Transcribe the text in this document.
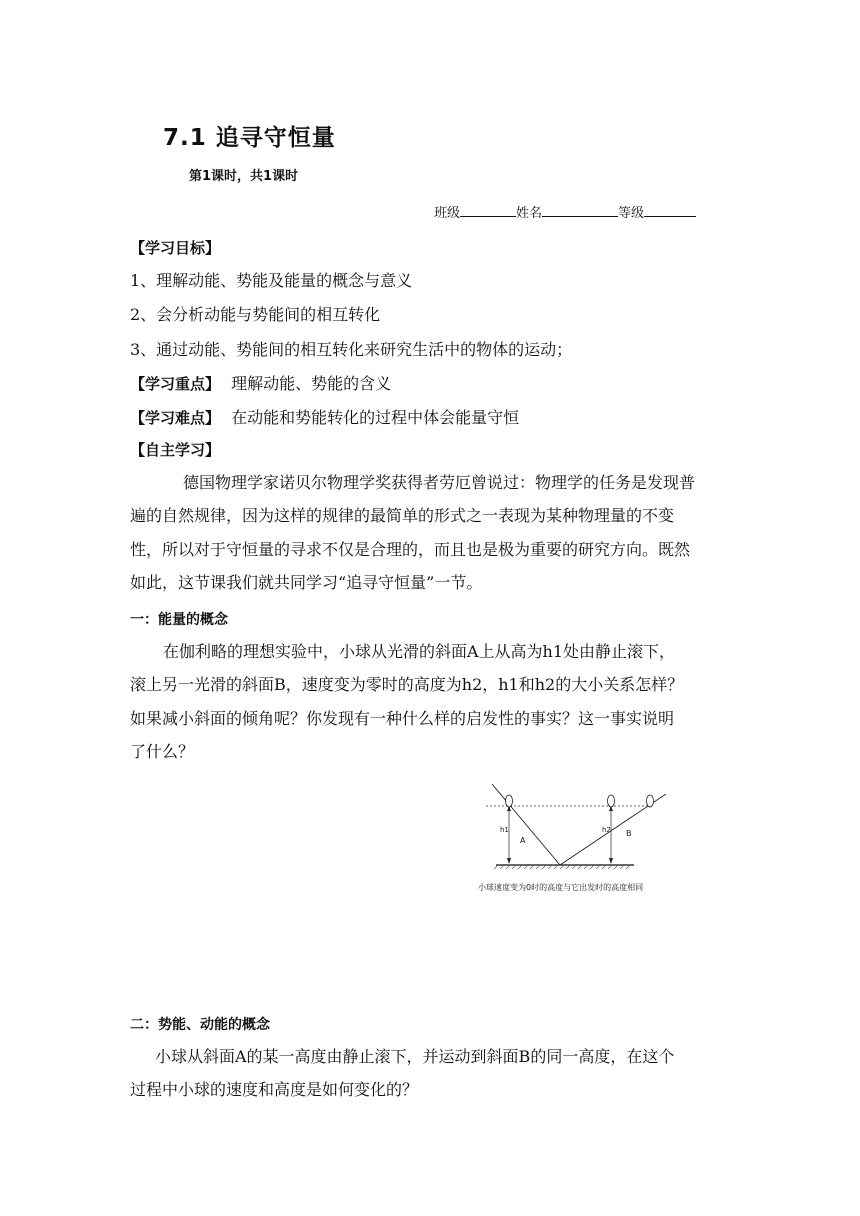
7.1 追寻守恒量
第1课时，共1课时
班级	姓名	等级
【学习目标】
1、理解动能、势能及能量的概念与意义
2、会分析动能与势能间的相互转化
3、通过动能、势能间的相互转化来研究生活中的物体的运动；
【学习重点】 理解动能、势能的含义
【学习难点】 在动能和势能转化的过程中体会能量守恒
【自主学习】
德国物理学家诺贝尔物理学奖获得者劳厄曾说过：物理学的任务是发现普
遍的自然规律，因为这样的规律的最简单的形式之一表现为某种物理量的不变
性，所以对于守恒量的寻求不仅是合理的，而且也是极为重要的研究方向。既然
如此，这节课我们就共同学习“追寻守恒量”一节。
一：能量的概念
在伽利略的理想实验中，小球从光滑的斜面A上从高为h1处由静止滚下，
滚上另一光滑的斜面B，速度变为零时的高度为h2，h1和h2的大小关系怎样？
如果减小斜面的倾角呢？你发现有一种什么样的启发性的事实？这一事实说明
了什么？
h1	h2
A
B
小球速度变为0时的高度与它出发时的高度相同
二：势能、动能的概念
小球从斜面A的某一高度由静止滚下，并运动到斜面B的同一高度，在这个
过程中小球的速度和高度是如何变化的？
